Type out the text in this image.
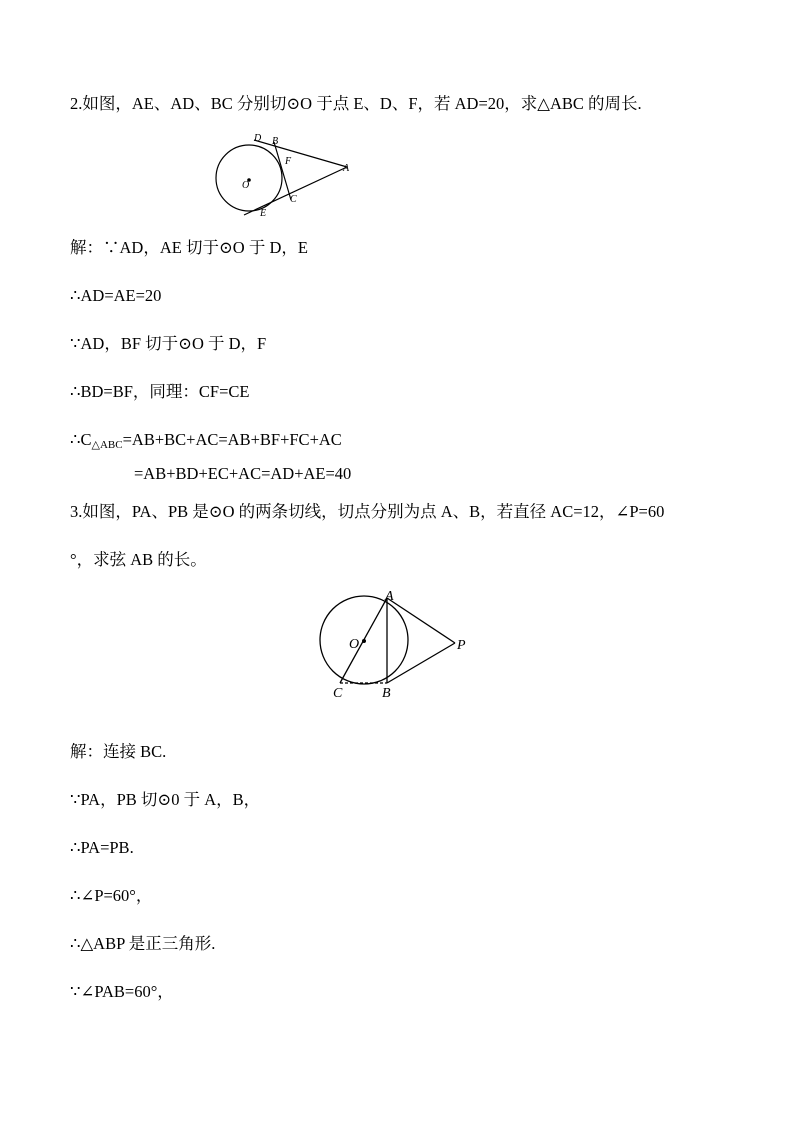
2.如图，AE、AD、BC 分别切⊙O 于点 E、D、F，若 AD=20，求△ABC 的周长.
D B
F
A
O
C
E
解：∵AD，AE 切于⊙O 于 D，E
∴AD=AE=20
∵AD，BF 切于⊙O 于 D，F
∴BD=BF，同理：CF=CE
$\therefore C_{\triangle ABC}=AB+BC+AC=AB+BF+FC+AC$
=AB+BD+EC+AC=AD+AE=40
3.如图，PA、PB 是⊙O 的两条切线，切点分别为点 A、B，若直径 AC=12，∠P=60
°，求弦 AB 的长。
A
O	P
C	B
解：连接 BC.
∵PA，PB 切⊙0 于 A，B，
∴PA=PB.
∴∠P=60°，
∴△ABP 是正三角形.
∵∠PAB=60°，
